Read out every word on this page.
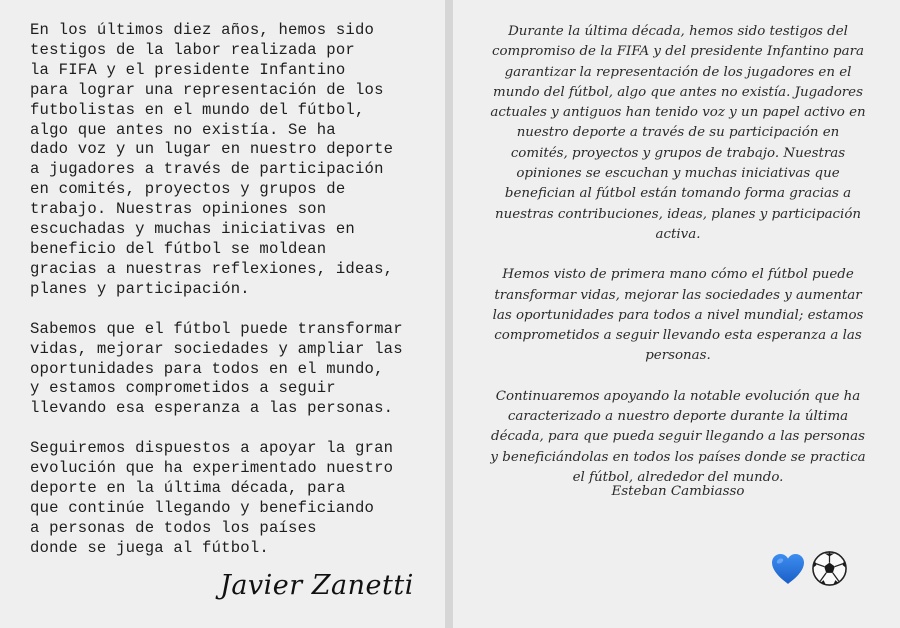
En los últimos diez años, hemos sido
testigos de la labor realizada por
la FIFA y el presidente Infantino
para lograr una representación de los
futbolistas en el mundo del fútbol,
algo que antes no existía. Se ha
dado voz y un lugar en nuestro deporte
a jugadores a través de participación
en comités, proyectos y grupos de
trabajo. Nuestras opiniones son
escuchadas y muchas iniciativas en
beneficio del fútbol se moldean
gracias a nuestras reflexiones, ideas,
planes y participación.

Sabemos que el fútbol puede transformar
vidas, mejorar sociedades y ampliar las
oportunidades para todos en el mundo,
y estamos comprometidos a seguir
llevando esa esperanza a las personas.

Seguiremos dispuestos a apoyar la gran
evolución que ha experimentado nuestro
deporte en la última década, para
que continúe llegando y beneficiando
a personas de todos los países
donde se juega al fútbol.

Javier Zanetti

Durante la última década, hemos sido testigos del
compromiso de la FIFA y del presidente Infantino para
garantizar la representación de los jugadores en el
mundo del fútbol, algo que antes no existía. Jugadores
actuales y antiguos han tenido voz y un papel activo en
nuestro deporte a través de su participación en
comités, proyectos y grupos de trabajo. Nuestras
opiniones se escuchan y muchas iniciativas que
benefician al fútbol están tomando forma gracias a
nuestras contribuciones, ideas, planes y participación
activa.

Hemos visto de primera mano cómo el fútbol puede
transformar vidas, mejorar las sociedades y aumentar
las oportunidades para todos a nivel mundial; estamos
comprometidos a seguir llevando esta esperanza a las
personas.

Continuaremos apoyando la notable evolución que ha
caracterizado a nuestro deporte durante la última
década, para que pueda seguir llegando a las personas
y beneficiándolas en todos los países donde se practica
el fútbol, alrededor del mundo.

Esteban Cambiasso
